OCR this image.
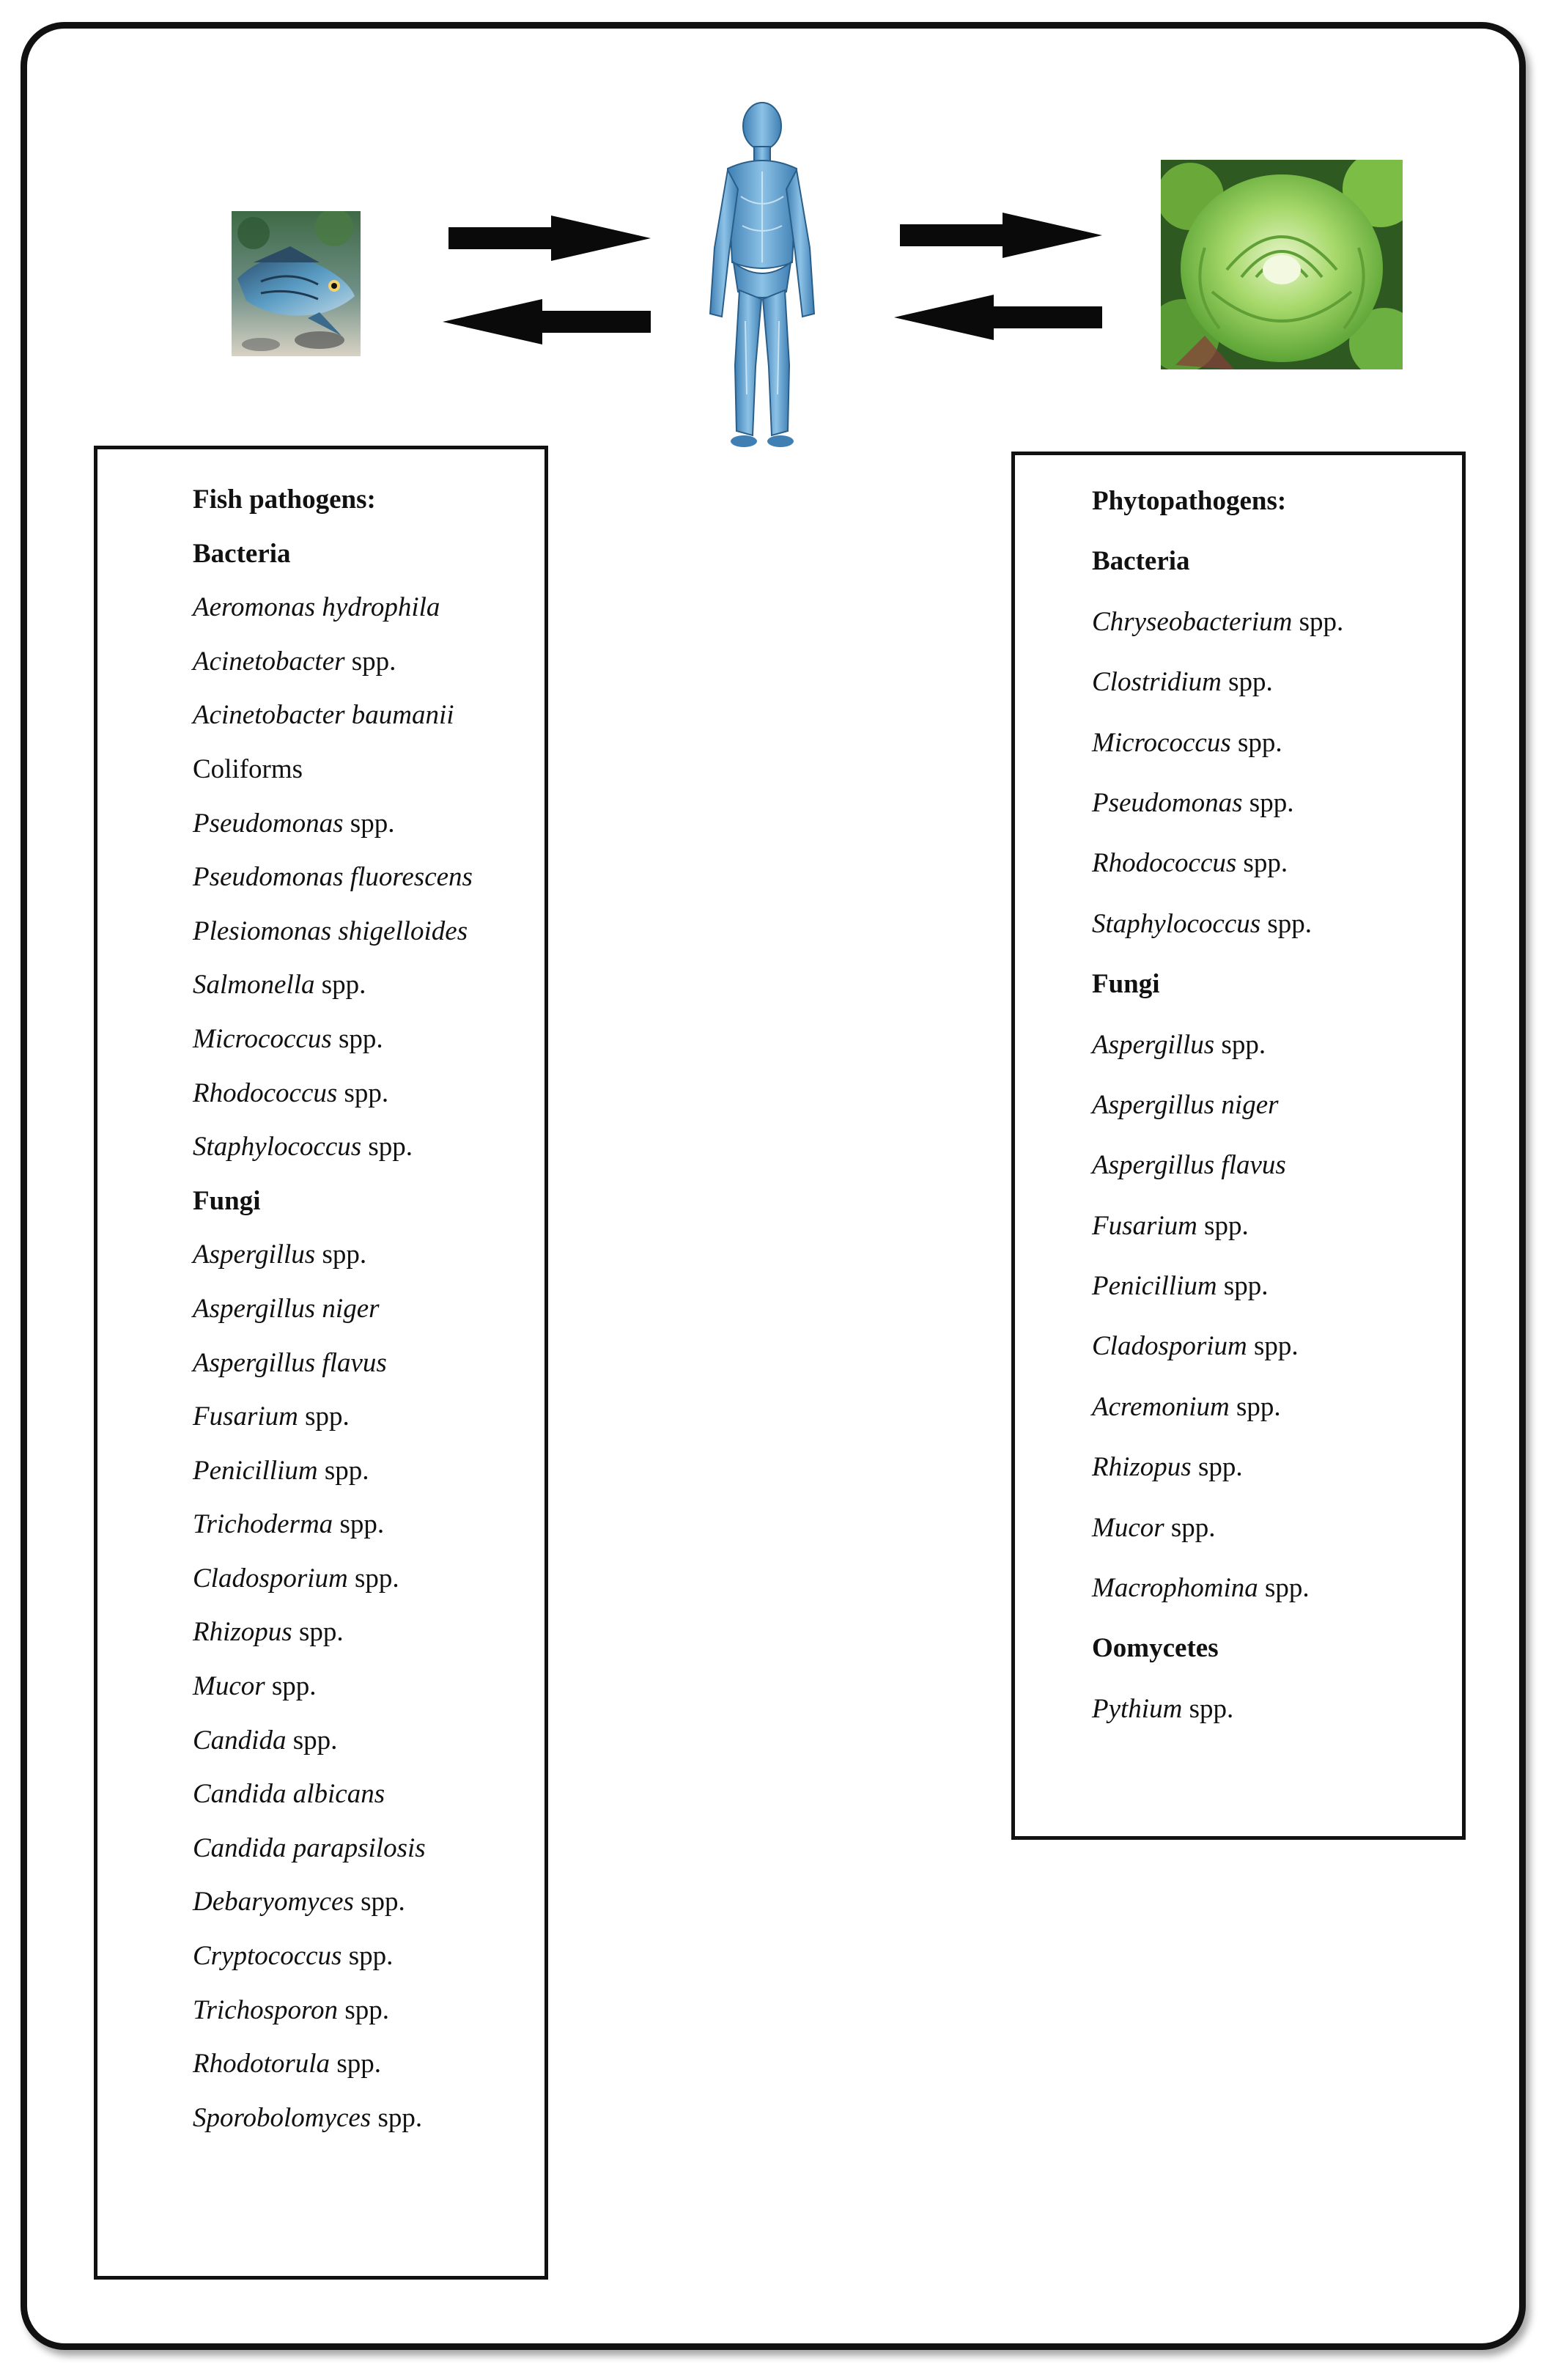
Fish pathogens:
Bacteria
Aeromonas hydrophila
Acinetobacter spp.
Acinetobacter baumanii
Coliforms
Pseudomonas spp.
Pseudomonas fluorescens
Plesiomonas shigelloides
Salmonella spp.
Micrococcus spp.
Rhodococcus spp.
Staphylococcus spp.
Fungi
Aspergillus spp.
Aspergillus niger
Aspergillus flavus
Fusarium spp.
Penicillium spp.
Trichoderma spp.
Cladosporium spp.
Rhizopus spp.
Mucor spp.
Candida spp.
Candida albicans
Candida parapsilosis
Debaryomyces spp.
Cryptococcus spp.
Trichosporon spp.
Rhodotorula spp.
Sporobolomyces spp.
Phytopathogens:
Bacteria
Chryseobacterium spp.
Clostridium spp.
Micrococcus spp.
Pseudomonas spp.
Rhodococcus spp.
Staphylococcus spp.
Fungi
Aspergillus spp.
Aspergillus niger
Aspergillus flavus
Fusarium spp.
Penicillium spp.
Cladosporium spp.
Acremonium spp.
Rhizopus spp.
Mucor spp.
Macrophomina spp.
Oomycetes
Pythium spp.
